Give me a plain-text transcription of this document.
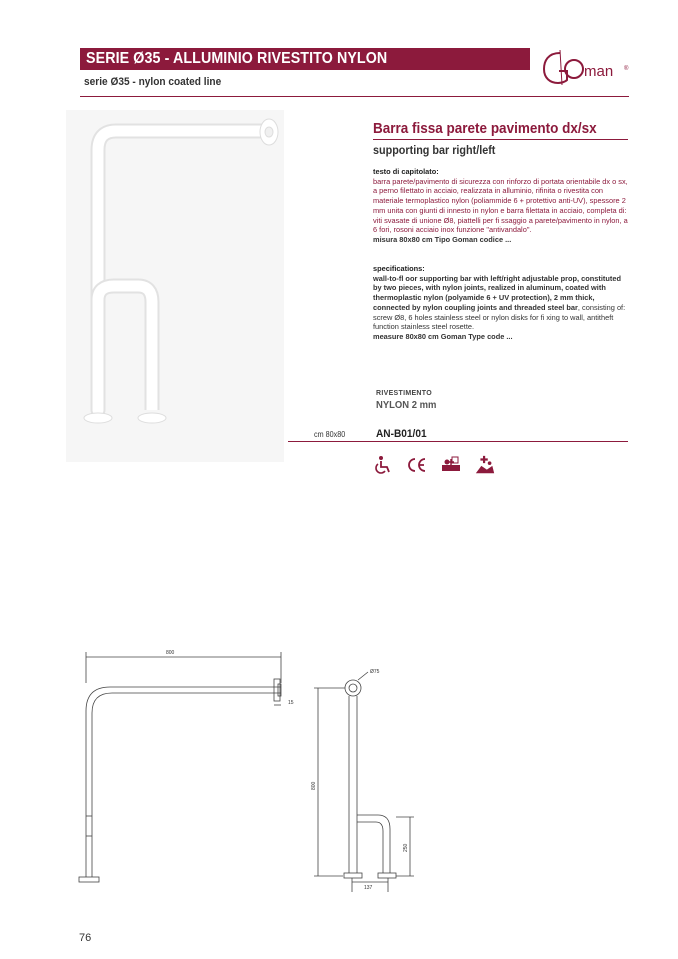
SERIE Ø35 - ALLUMINIO RIVESTITO NYLON
serie Ø35 - nylon coated line
man ®
Barra fissa parete pavimento dx/sx
supporting bar right/left
testo di capitolato:
barra parete/pavimento di sicurezza con rinforzo di portata orientabile dx o sx, a perno filettato in acciaio, realizzata in alluminio, rifinita o rivestita con materiale termoplastico nylon (poliammide 6 + protettivo anti-UV), spessore 2 mm unita con giunti di innesto in nylon e barra filettata in acciaio, completa di: viti svasate di unione Ø8, piattelli per fi ssaggio a parete/pavimento in nylon, a 6 fori, rosoni acciaio inox funzione "antivandalo".
misura 80x80 cm Tipo Goman codice ...
specifications:
wall-to-fl oor supporting bar with left/right adjustable prop, constituted by two pieces, with nylon joints, realized in aluminum, coated with thermoplastic nylon (polyamide 6 + UV protection), 2 mm thick, connected by nylon coupling joints and threaded steel bar, consisting of: screw Ø8, 6 holes stainless steel or nylon disks for fi xing to wall, antitheft function stainless steel rosette.
measure 80x80 cm Goman Type code ...
RIVESTIMENTO
NYLON 2 mm
cm 80x80	AN-B01/01
800
15
Ø75
800
250
137
76
